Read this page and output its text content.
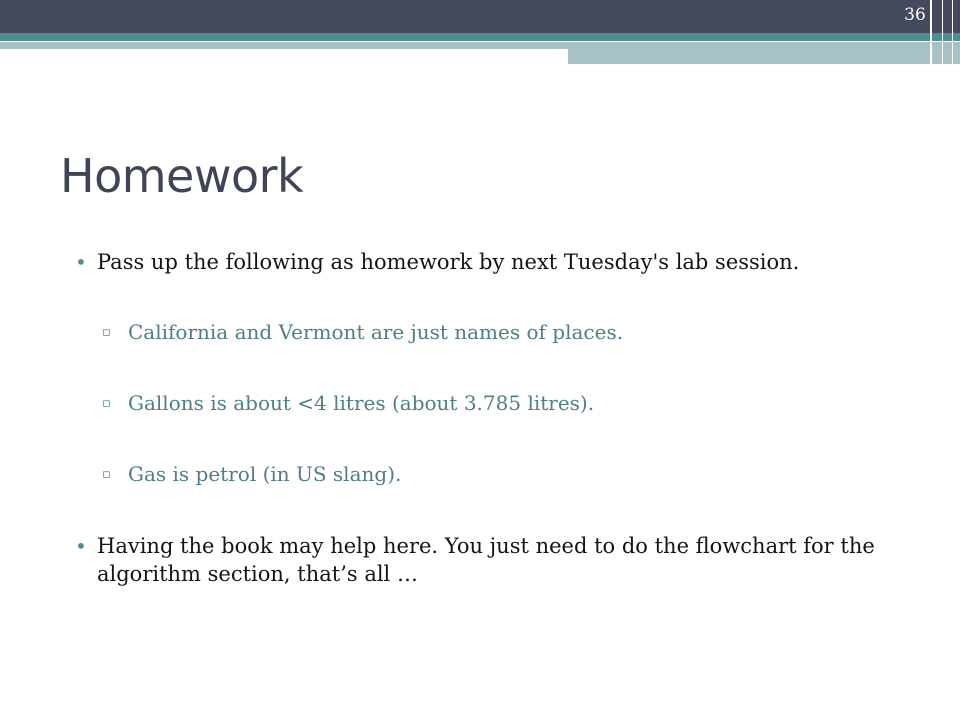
36
Homework
• Pass up the following as homework by next Tuesday's lab session.
▫ California and Vermont are just names of places.
▫ Gallons is about <4 litres (about 3.785 litres).
▫ Gas is petrol (in US slang).
• Having the book may help here. You just need to do the flowchart for the algorithm section, that’s all …
